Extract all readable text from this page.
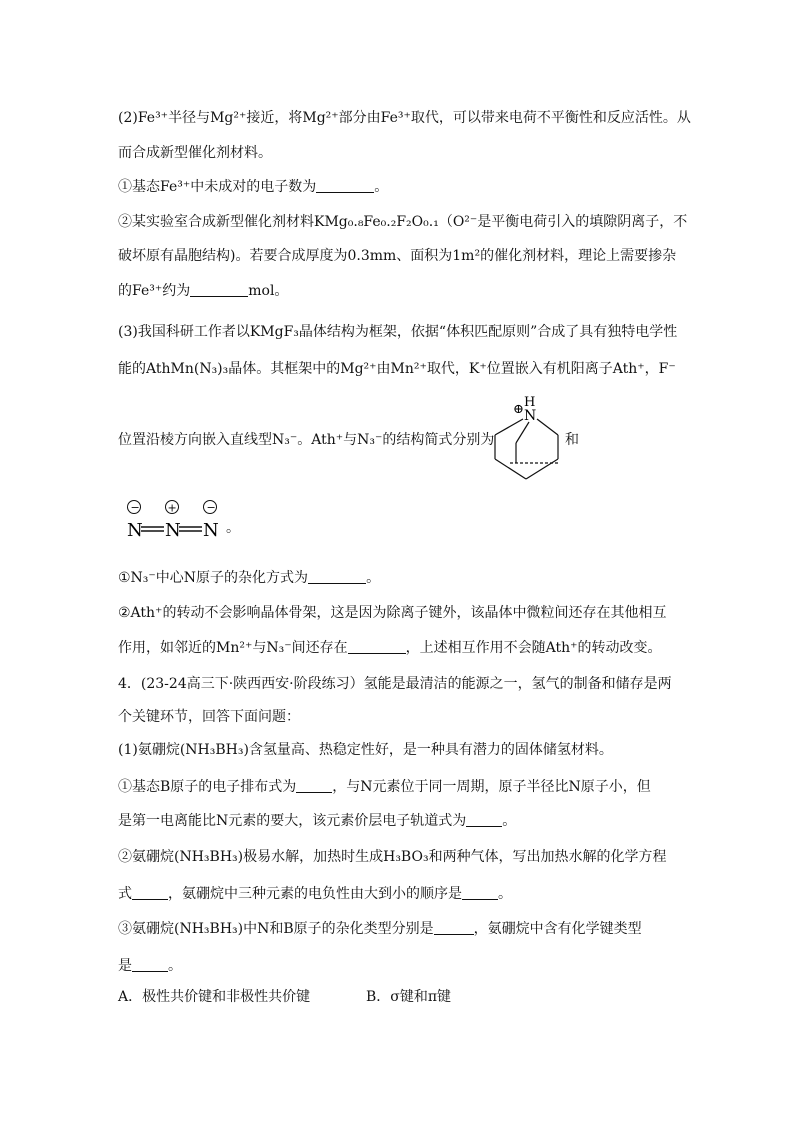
(2)Fe³⁺半径与Mg²⁺接近，将Mg²⁺部分由Fe³⁺取代，可以带来电荷不平衡性和反应活性。从
而合成新型催化剂材料。
①基态Fe³⁺中未成对的电子数为	。
②某实验室合成新型催化剂材料KMg₀.₈Fe₀.₂F₂O₀.₁（O²⁻是平衡电荷引入的填隙阴离子，不
破坏原有晶胞结构)。若要合成厚度为0.3mm、面积为1m²的催化剂材料，理论上需要掺杂
的Fe³⁺约为	mol。
(3)我国科研工作者以KMgF₃晶体结构为框架，依据“体积匹配原则”合成了具有独特电学性
能的AthMn(N₃)₃晶体。其框架中的Mg²⁺由Mn²⁺取代，K⁺位置嵌入有机阳离子Ath⁺，F⁻
位置沿棱方向嵌入直线型N₃⁻。Ath⁺与N₃⁻的结构简式分别为
⊕ H
N
和
−	+	−
N N N 。
①N₃⁻中心N原子的杂化方式为	。
②Ath⁺的转动不会影响晶体骨架，这是因为除离子键外，该晶体中微粒间还存在其他相互
作用，如邻近的Mn²⁺与N₃⁻间还存在	，上述相互作用不会随Ath⁺的转动改变。
4．(23-24高三下·陕西西安·阶段练习）氢能是最清洁的能源之一，氢气的制备和储存是两
个关键环节，回答下面问题：
(1)氨硼烷(NH₃BH₃)含氢量高、热稳定性好，是一种具有潜力的固体储氢材料。
①基态B原子的电子排布式为	，与N元素位于同一周期，原子半径比N原子小，但
是第一电离能比N元素的要大，该元素价层电子轨道式为	。
②氨硼烷(NH₃BH₃)极易水解，加热时生成H₃BO₃和两种气体，写出加热水解的化学方程
式	，氨硼烷中三种元素的电负性由大到小的顺序是	。
③氨硼烷(NH₃BH₃)中N和B原子的杂化类型分别是	，氨硼烷中含有化学键类型
是	。
A．极性共价键和非极性共价键	B．σ键和π键
